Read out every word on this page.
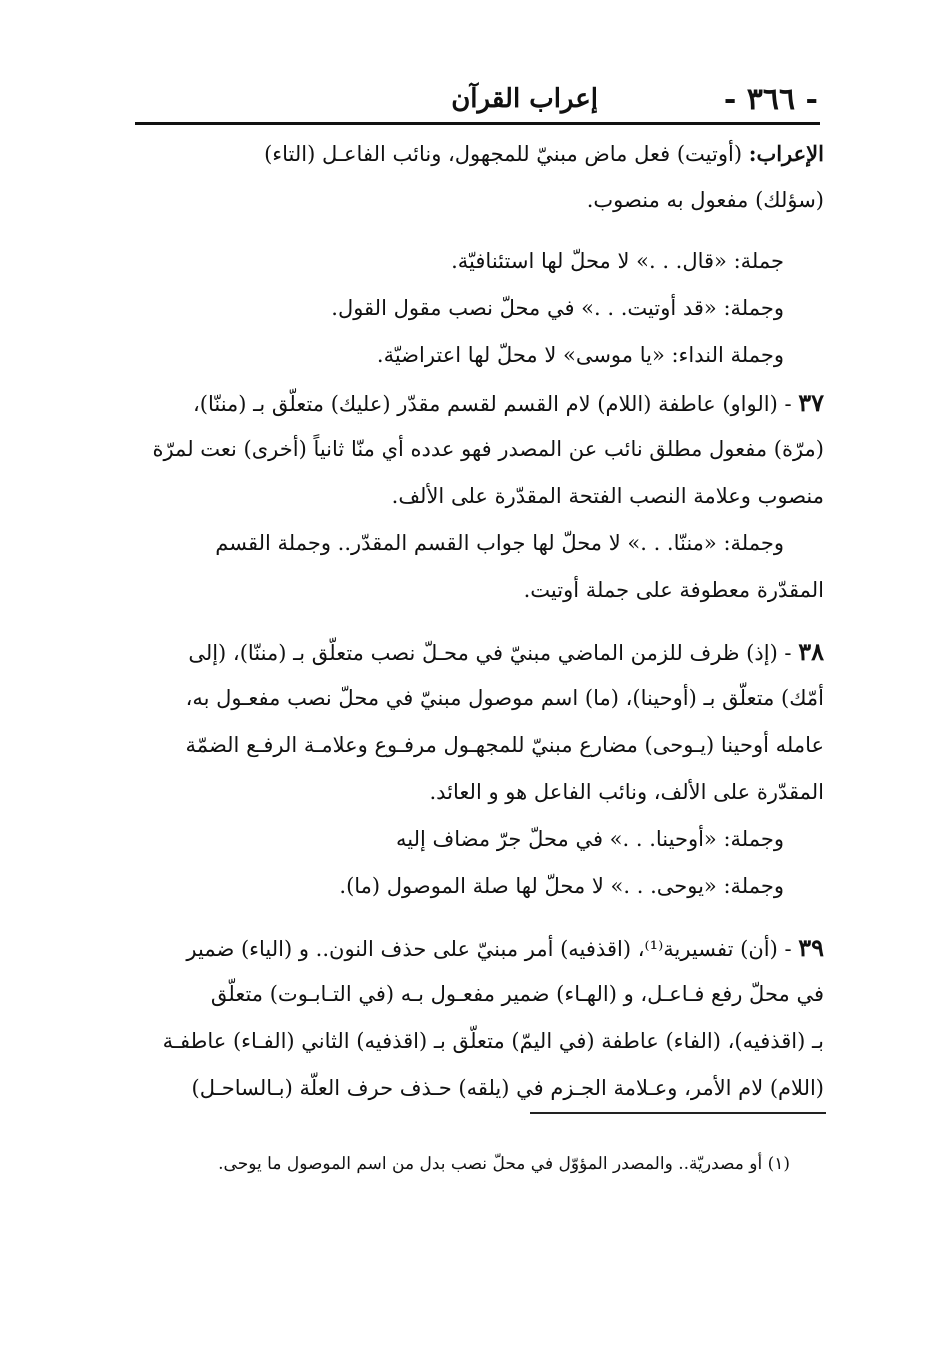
- ٣٦٦ -
إعراب القرآن
الإعراب: (أوتيت) فعل ماض مبنيّ للمجهول، ونائب الفاعـل (التاء)
(سؤلك) مفعول به منصوب.
جملة: «قال. . .» لا محلّ لها استئنافيّة.
وجملة: «قد أوتيت. . .» في محلّ نصب مقول القول.
وجملة النداء: «يا موسى» لا محلّ لها اعتراضيّة.
٣٧ - (الواو) عاطفة (اللام) لام القسم لقسم مقدّر (عليك) متعلّق بـ (مننّا)،
(مرّة) مفعول مطلق نائب عن المصدر فهو عدده أي منّا ثانياً (أخرى) نعت لمرّة
منصوب وعلامة النصب الفتحة المقدّرة على الألف.
وجملة: «مننّا. . .» لا محلّ لها جواب القسم المقدّر.. وجملة القسم
المقدّرة معطوفة على جملة أوتيت.
٣٨ - (إذ) ظرف للزمن الماضي مبنيّ في محـلّ نصب متعلّق بـ (مننّا)، (إلى
أمّك) متعلّق بـ (أوحينا)، (ما) اسم موصول مبنيّ في محلّ نصب مفعـول به،
عامله أوحينا (يـوحى) مضارع مبنيّ للمجهـول مرفـوع وعلامـة الرفـع الضمّة
المقدّرة على الألف، ونائب الفاعل هو و العائد.
وجملة: «أوحينا. . .» في محلّ جرّ مضاف إليه
وجملة: «يوحى. . .» لا محلّ لها صلة الموصول (ما).
٣٩ - (أن) تفسيرية⁽¹⁾، (اقذفيه) أمر مبنيّ على حذف النون.. و (الياء) ضمير
في محلّ رفع فـاعـل، و (الهـاء) ضمير مفعـول بـه (في التـابـوت) متعلّق
بـ (اقذفيه)، (الفاء) عاطفة (في اليمّ) متعلّق بـ (اقذفيه) الثاني (الفـاء) عاطفـة
(اللام) لام الأمر، وعـلامة الجـزم في (يلقه) حـذف حرف العلّة (بـالساحـل)
(١) أو مصدريّة.. والمصدر المؤوّل في محلّ نصب بدل من اسم الموصول ما يوحى.
